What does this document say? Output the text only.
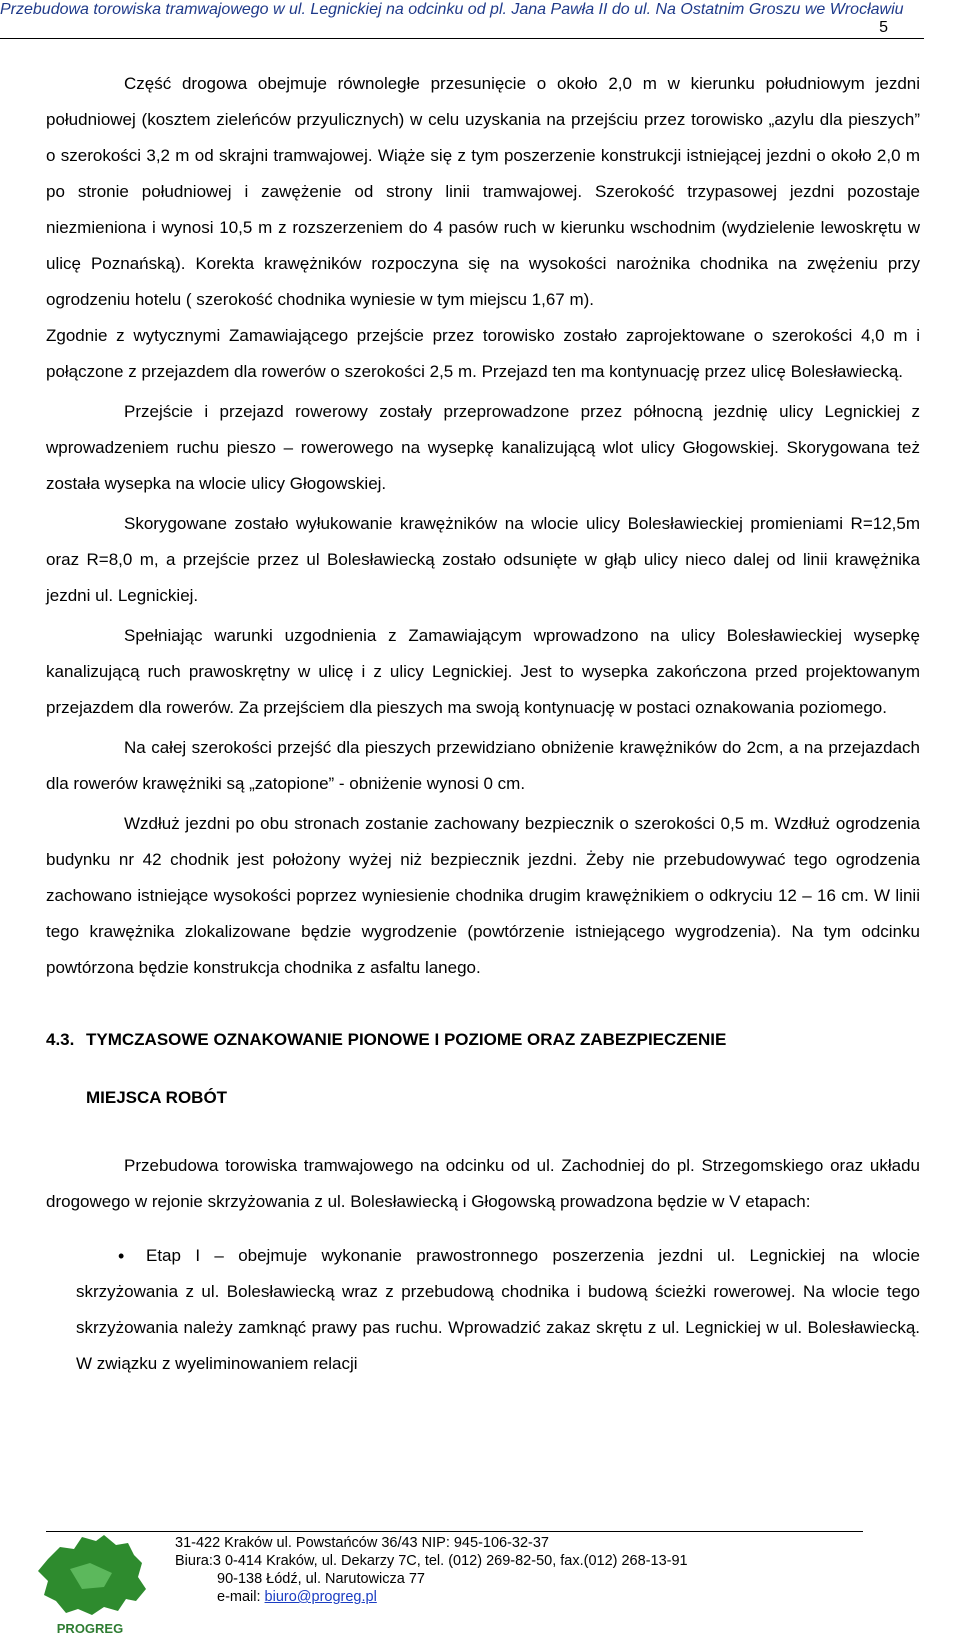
Przebudowa torowiska tramwajowego w ul. Legnickiej na odcinku od pl. Jana Pawła II do ul. Na Ostatnim Groszu we Wrocławiu
5

Część drogowa obejmuje równoległe przesunięcie o około 2,0 m w kierunku południowym jezdni południowej (kosztem zieleńców przyulicznych) w celu uzyskania na przejściu przez torowisko „azylu dla pieszych” o szerokości 3,2 m od skrajni tramwajowej. Wiąże się z tym poszerzenie konstrukcji istniejącej jezdni o około 2,0 m po stronie południowej i zawężenie od strony linii tramwajowej. Szerokość trzypasowej jezdni pozostaje niezmieniona i wynosi 10,5 m z rozszerzeniem do 4 pasów ruch w kierunku wschodnim (wydzielenie lewoskrętu w ulicę Poznańską). Korekta krawężników rozpoczyna się na wysokości narożnika chodnika na zwężeniu przy ogrodzeniu hotelu ( szerokość chodnika wyniesie w tym miejscu 1,67 m).

Zgodnie z wytycznymi Zamawiającego przejście przez torowisko zostało zaprojektowane o szerokości 4,0 m i połączone z przejazdem dla rowerów o szerokości 2,5 m. Przejazd ten ma kontynuację przez ulicę Bolesławiecką.

Przejście i przejazd rowerowy zostały przeprowadzone przez północną jezdnię ulicy Legnickiej z wprowadzeniem ruchu pieszo – rowerowego na wysepkę kanalizującą wlot ulicy Głogowskiej. Skorygowana też została wysepka na wlocie ulicy Głogowskiej.

Skorygowane zostało wyłukowanie krawężników na wlocie ulicy Bolesławieckiej promieniami R=12,5m oraz R=8,0 m, a przejście przez ul Bolesławiecką zostało odsunięte w głąb ulicy nieco dalej od linii krawężnika jezdni ul. Legnickiej.

Spełniając warunki uzgodnienia z Zamawiającym wprowadzono na ulicy Bolesławieckiej wysepkę kanalizującą ruch prawoskrętny w ulicę i z ulicy Legnickiej. Jest to wysepka zakończona przed projektowanym przejazdem dla rowerów. Za przejściem dla pieszych ma swoją kontynuację w postaci oznakowania poziomego.

Na całej szerokości przejść dla pieszych przewidziano obniżenie krawężników do 2cm, a na przejazdach dla rowerów krawężniki są „zatopione” - obniżenie wynosi 0 cm.

Wzdłuż jezdni po obu stronach zostanie zachowany bezpiecznik o szerokości 0,5 m. Wzdłuż ogrodzenia budynku nr 42 chodnik jest położony wyżej niż bezpiecznik jezdni. Żeby nie przebudowywać tego ogrodzenia zachowano istniejące wysokości poprzez wyniesienie chodnika drugim krawężnikiem o odkryciu 12 – 16 cm. W linii tego krawężnika zlokalizowane będzie wygrodzenie (powtórzenie istniejącego wygrodzenia). Na tym odcinku powtórzona będzie konstrukcja chodnika z asfaltu lanego.

4.3. TYMCZASOWE OZNAKOWANIE PIONOWE I POZIOME ORAZ ZABEZPIECZENIE
MIEJSCA ROBÓT

Przebudowa torowiska tramwajowego na odcinku od ul. Zachodniej do pl. Strzegomskiego oraz układu drogowego w rejonie skrzyżowania z ul. Bolesławiecką i Głogowską prowadzona będzie w V etapach:

• Etap I – obejmuje wykonanie prawostronnego poszerzenia jezdni ul. Legnickiej na wlocie skrzyżowania z ul. Bolesławiecką wraz z przebudową chodnika i budową ścieżki rowerowej. Na wlocie tego skrzyżowania należy zamknąć prawy pas ruchu. Wprowadzić zakaz skrętu z ul. Legnickiej w ul. Bolesławiecką. W związku z wyeliminowaniem relacji

PROGREG
31-422 Kraków ul. Powstańców 36/43 NIP: 945-106-32-37
Biura:3 0-414 Kraków, ul. Dekarzy 7C, tel. (012) 269-82-50, fax.(012) 268-13-91

90-138 Łódź, ul. Narutowicza 77
e-mail: biuro@progreg.pl
